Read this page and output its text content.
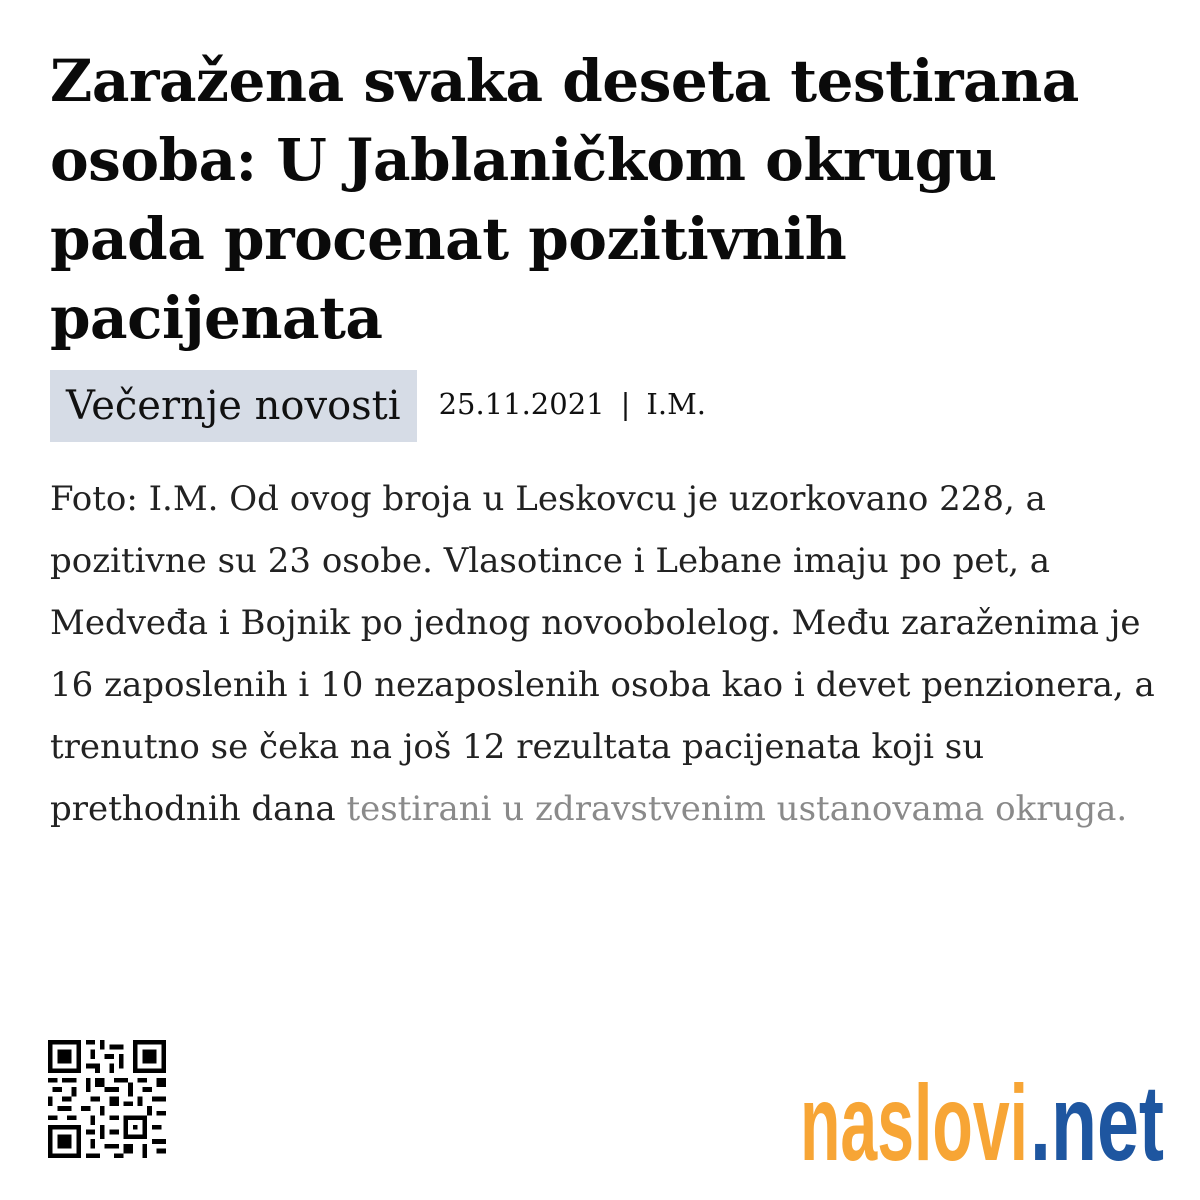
Zaražena svaka deseta testirana osoba: U Jablaničkom okrugu pada procenat pozitivnih pacijenata
Večernje novosti	25.11.2021 | I.M.

Foto: I.M. Od ovog broja u Leskovcu je uzorkovano 228, a pozitivne su 23 osobe. Vlasotince i Lebane imaju po pet, a Medveđa i Bojnik po jednog novoobolelog. Među zaraženima je 16 zaposlenih i 10 nezaposlenih osoba kao i devet penzionera, a trenutno se čeka na još 12 rezultata pacijenata koji su prethodnih dana testirani u zdravstvenim ustanovama okruga.

naslovi .net
